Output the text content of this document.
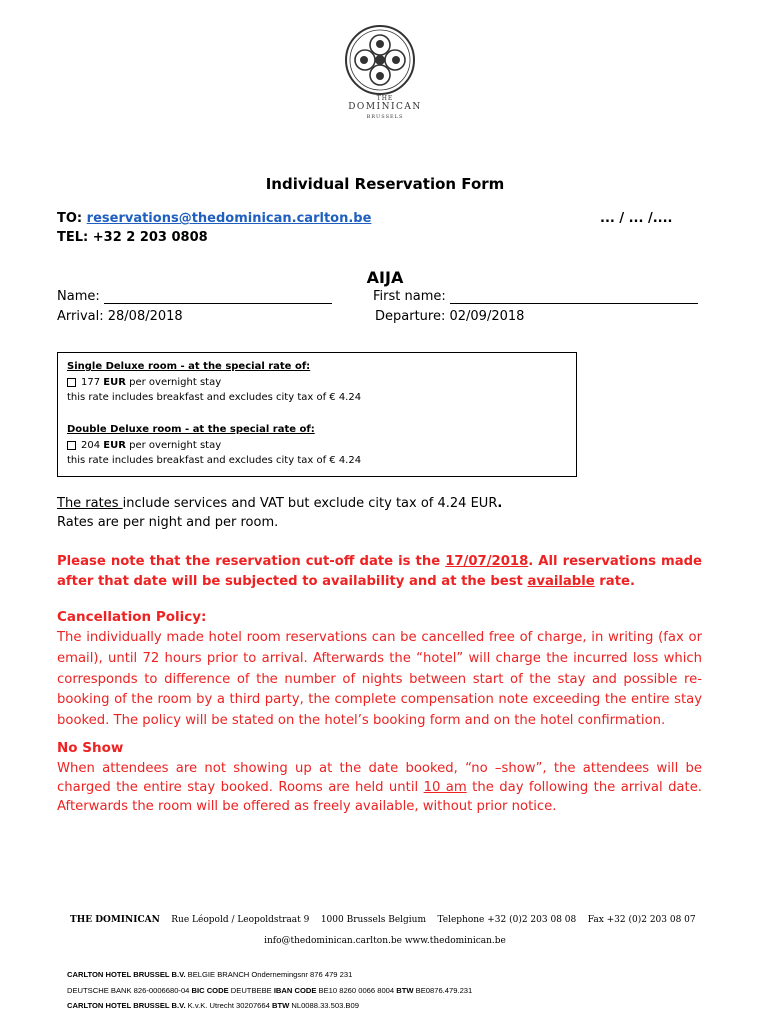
THE
DOMINICAN
BRUSSELS
Individual Reservation Form
TO: reservations@thedominican.carlton.be	... / ... /....
TEL: +32 2 203 0808
AIJA
Name:	First name:
Arrival: 28/08/2018	Departure: 02/09/2018
Single Deluxe room - at the special rate of:
177 EUR per overnight stay
this rate includes breakfast and excludes city tax of € 4.24
Double Deluxe room - at the special rate of:
204 EUR per overnight stay
this rate includes breakfast and excludes city tax of € 4.24
The rates include services and VAT but exclude city tax of 4.24 EUR.
Rates are per night and per room.
Please note that the reservation cut-off date is the 17/07/2018. All reservations made after that date will be subjected to availability and at the best available rate.
Cancellation Policy:
The individually made hotel room reservations can be cancelled free of charge, in writing (fax or email), until 72 hours prior to arrival. Afterwards the “hotel” will charge the incurred loss which corresponds to difference of the number of nights between start of the stay and possible re-booking of the room by a third party, the complete compensation note exceeding the entire stay booked. The policy will be stated on the hotel’s booking form and on the hotel confirmation.
No Show
When attendees are not showing up at the date booked, “no –show”, the attendees will be charged the entire stay booked. Rooms are held until 10 am the day following the arrival date. Afterwards the room will be offered as freely available, without prior notice.
THE DOMINICAN Rue Léopold / Leopoldstraat 9 1000 Brussels Belgium Telephone +32 (0)2 203 08 08 Fax +32 (0)2 203 08 07
info@thedominican.carlton.be www.thedominican.be
CARLTON HOTEL BRUSSEL B.V. BELGIE BRANCH Ondernemingsnr 876 479 231
DEUTSCHE BANK 826-0006680-04 BIC CODE DEUTBEBE IBAN CODE BE10 8260 0066 8004 BTW BE0876.479.231
CARLTON HOTEL BRUSSEL B.V. K.v.K. Utrecht 30207664 BTW NL0088.33.503.B09
